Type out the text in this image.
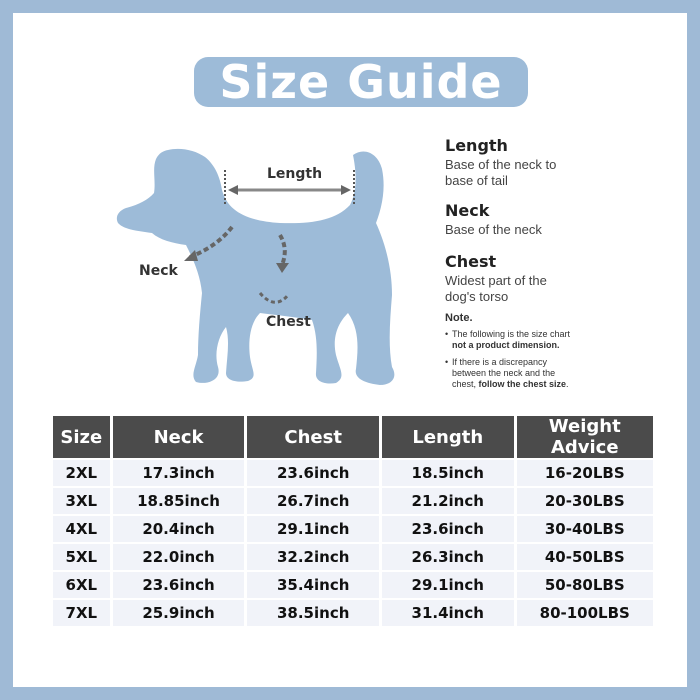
Size Guide
Length
Neck
Chest

Length

Base of the neck to

base of tail

Neck

Base of the neck

Chest

Widest part of the

dog's torso

Note.
• The following is the size chart
not a product dimension.
• If there is a discrepancy
between the neck and the
chest, follow the chest size.
Size	Neck	Chest	Length	Weight Advice
2XL	17.3inch	23.6inch	18.5inch	16-20LBS
3XL	18.85inch	26.7inch	21.2inch	20-30LBS
4XL	20.4inch	29.1inch	23.6inch	30-40LBS
5XL	22.0inch	32.2inch	26.3inch	40-50LBS
6XL	23.6inch	35.4inch	29.1inch	50-80LBS
7XL	25.9inch	38.5inch	31.4inch	80-100LBS
